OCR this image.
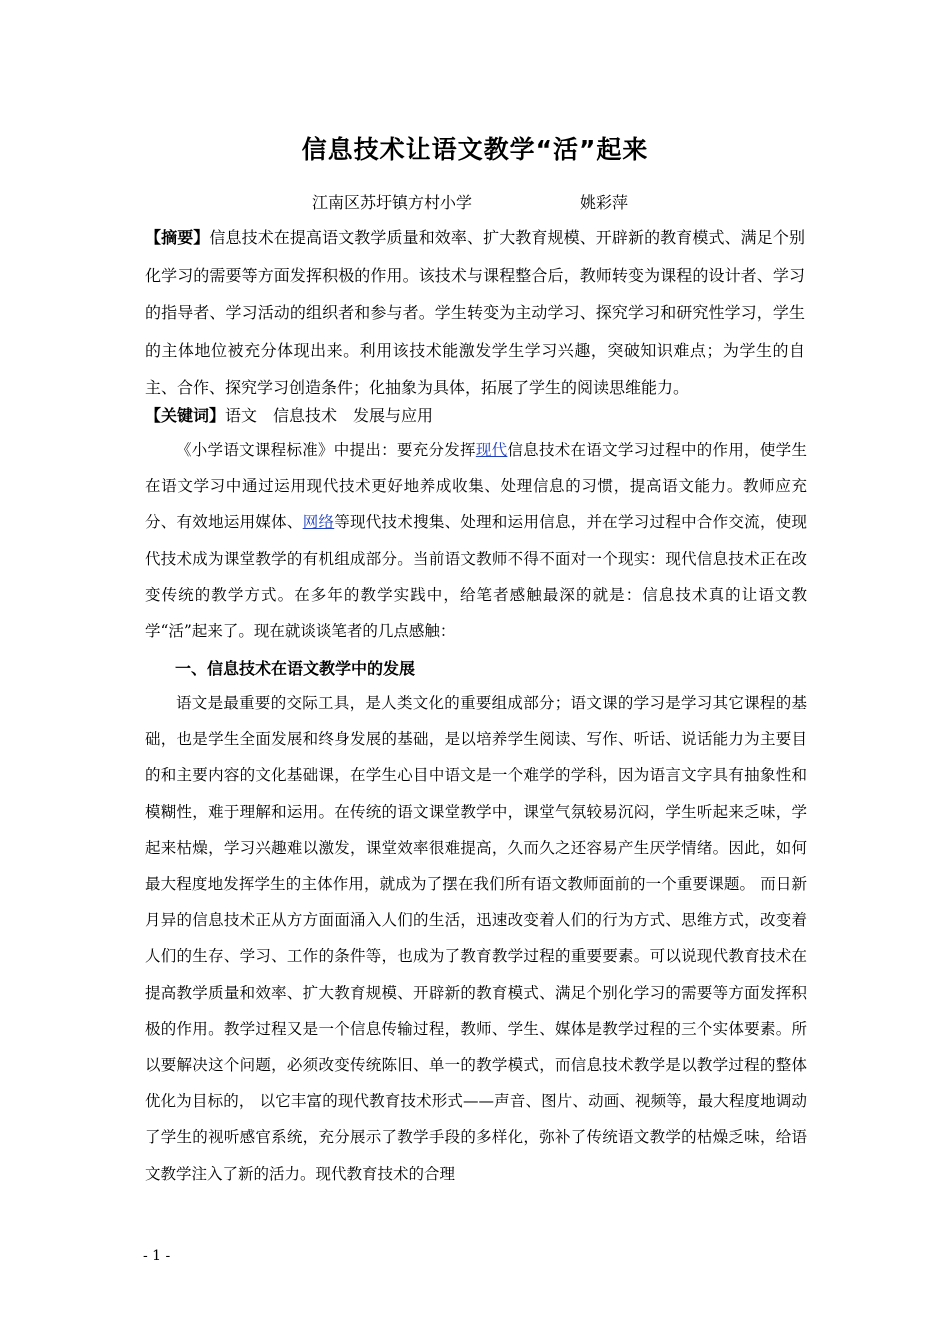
信息技术让语文教学“活”起来
江南区苏圩镇方村小学	姚彩萍
【摘要】信息技术在提高语文教学质量和效率、扩大教育规模、开辟新的教育模式、满足个别化学习的需要等方面发挥积极的作用。该技术与课程整合后，教师转变为课程的设计者、学习的指导者、学习活动的组织者和参与者。学生转变为主动学习、探究学习和研究性学习，学生的主体地位被充分体现出来。利用该技术能激发学生学习兴趣，突破知识难点；为学生的自主、合作、探究学习创造条件；化抽象为具体，拓展了学生的阅读思维能力。
【关键词】语文 信息技术 发展与应用
《小学语文课程标准》中提出：要充分发挥现代信息技术在语文学习过程中的作用，使学生在语文学习中通过运用现代技术更好地养成收集、处理信息的习惯，提高语文能力。教师应充分、有效地运用媒体、网络等现代技术搜集、处理和运用信息，并在学习过程中合作交流，使现代技术成为课堂教学的有机组成部分。当前语文教师不得不面对一个现实：现代信息技术正在改变传统的教学方式。在多年的教学实践中，给笔者感触最深的就是：信息技术真的让语文教学“活”起来了。现在就谈谈笔者的几点感触：
一、信息技术在语文教学中的发展
语文是最重要的交际工具，是人类文化的重要组成部分；语文课的学习是学习其它课程的基础，也是学生全面发展和终身发展的基础，是以培养学生阅读、写作、听话、说话能力为主要目的和主要内容的文化基础课，在学生心目中语文是一个难学的学科，因为语言文字具有抽象性和模糊性，难于理解和运用。在传统的语文课堂教学中，课堂气氛较易沉闷，学生听起来乏味，学起来枯燥，学习兴趣难以激发，课堂效率很难提高，久而久之还容易产生厌学情绪。因此，如何最大程度地发挥学生的主体作用，就成为了摆在我们所有语文教师面前的一个重要课题。 而日新月异的信息技术正从方方面面涌入人们的生活，迅速改变着人们的行为方式、思维方式，改变着人们的生存、学习、工作的条件等，也成为了教育教学过程的重要要素。可以说现代教育技术在提高教学质量和效率、扩大教育规模、开辟新的教育模式、满足个别化学习的需要等方面发挥积极的作用。教学过程又是一个信息传输过程，教师、学生、媒体是教学过程的三个实体要素。所以要解决这个问题，必须改变传统陈旧、单一的教学模式，而信息技术教学是以教学过程的整体优化为目标的， 以它丰富的现代教育技术形式——声音、图片、动画、视频等，最大程度地调动了学生的视听感官系统，充分展示了教学手段的多样化，弥补了传统语文教学的枯燥乏味，给语文教学注入了新的活力。现代教育技术的合理
- 1 -
